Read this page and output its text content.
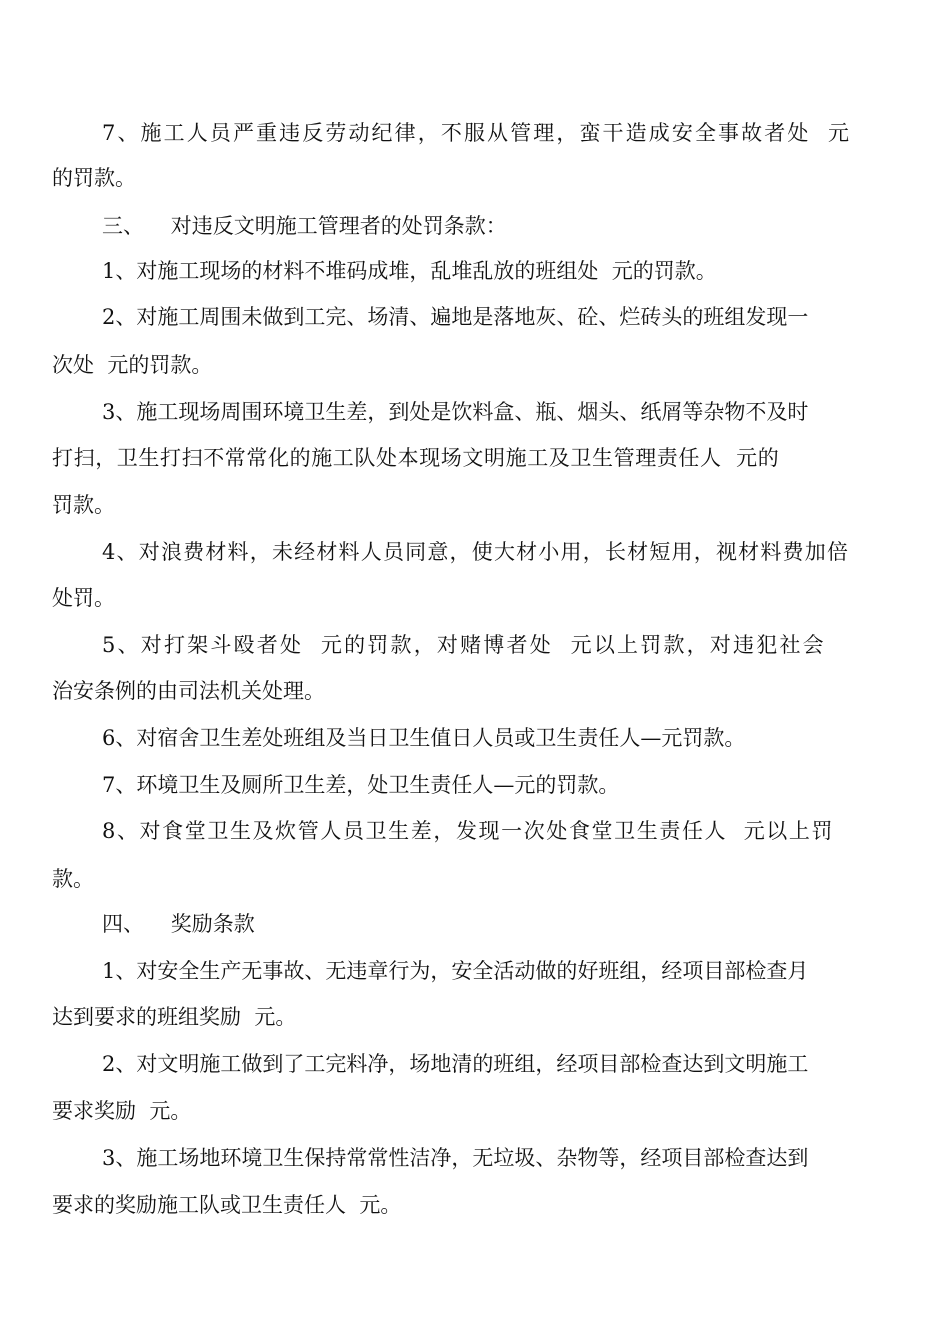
7、施工人员严重违反劳动纪律，不服从管理，蛮干造成安全事故者处  元
的罚款。
三、    对违反文明施工管理者的处罚条款：
1、对施工现场的材料不堆码成堆，乱堆乱放的班组处  元的罚款。
2、对施工周围未做到工完、场清、遍地是落地灰、砼、烂砖头的班组发现一
次处  元的罚款。
3、施工现场周围环境卫生差，到处是饮料盒、瓶、烟头、纸屑等杂物不及时
打扫，卫生打扫不常常化的施工队处本现场文明施工及卫生管理责任人  元的
罚款。
4、对浪费材料，未经材料人员同意，使大材小用，长材短用，视材料费加倍
处罚。
5、对打架斗殴者处  元的罚款，对赌博者处  元以上罚款，对违犯社会
治安条例的由司法机关处理。
6、对宿舍卫生差处班组及当日卫生值日人员或卫生责任人—元罚款。
7、环境卫生及厕所卫生差，处卫生责任人—元的罚款。
8、对食堂卫生及炊管人员卫生差，发现一次处食堂卫生责任人  元以上罚
款。
四、    奖励条款
1、对安全生产无事故、无违章行为，安全活动做的好班组，经项目部检查月
达到要求的班组奖励  元。
2、对文明施工做到了工完料净，场地清的班组，经项目部检查达到文明施工
要求奖励  元。
3、施工场地环境卫生保持常常性洁净，无垃圾、杂物等，经项目部检查达到
要求的奖励施工队或卫生责任人  元。
